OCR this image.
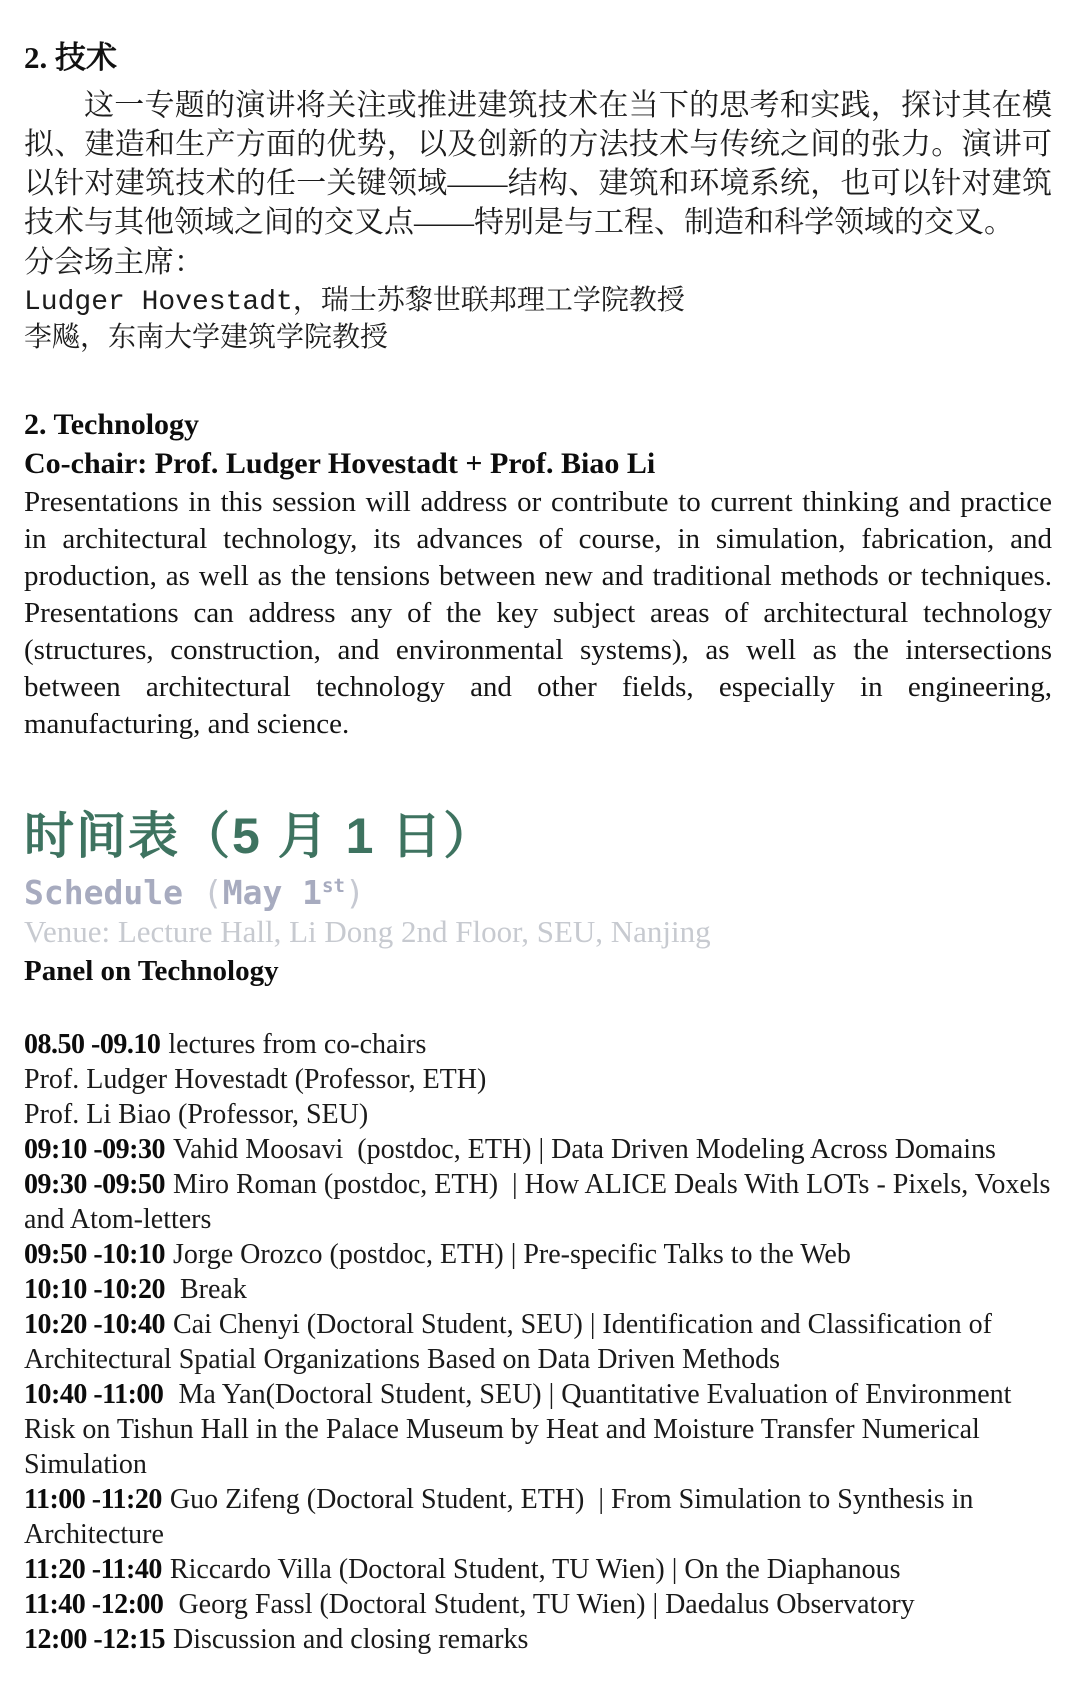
2. 技术

这一专题的演讲将关注或推进建筑技术在当下的思考和实践，探讨其在模拟、建造和生产方面的优势，以及创新的方法技术与传统之间的张力。演讲可以针对建筑技术的任一关键领域——结构、建筑和环境系统，也可以针对建筑技术与其他领域之间的交叉点——特别是与工程、制造和科学领域的交叉。

分会场主席：
Ludger Hovestadt，瑞士苏黎世联邦理工学院教授
李飚，东南大学建筑学院教授
2. Technology
Co-chair: Prof. Ludger Hovestadt + Prof. Biao Li

Presentations in this session will address or contribute to current thinking and practice in architectural technology, its advances of course, in simulation, fabrication, and production, as well as the tensions between new and traditional methods or techniques. Presentations can address any of the key subject areas of architectural technology (structures, construction, and environmental systems), as well as the intersections between architectural technology and other fields, especially in engineering, manufacturing, and science.

时间表（5 月 1 日）
Schedule (May 1st)
Venue: Lecture Hall, Li Dong 2nd Floor, SEU, Nanjing
Panel on Technology
08.50 -09.10 lectures from co-chairs
Prof. Ludger Hovestadt (Professor, ETH)
Prof. Li Biao (Professor, SEU)
09:10 -09:30 Vahid Moosavi  (postdoc, ETH) | Data Driven Modeling Across Domains
09:30 -09:50 Miro Roman (postdoc, ETH)  | How ALICE Deals With LOTs - Pixels, Voxels and Atom-letters
09:50 -10:10 Jorge Orozco (postdoc, ETH) | Pre-specific Talks to the Web
10:10 -10:20 Break
10:20 -10:40 Cai Chenyi (Doctoral Student, SEU) | Identification and Classification of Architectural Spatial Organizations Based on Data Driven Methods
10:40 -11:00 Ma Yan(Doctoral Student, SEU) | Quantitative Evaluation of Environment Risk on Tishun Hall in the Palace Museum by Heat and Moisture Transfer Numerical Simulation
11:00 -11:20 Guo Zifeng (Doctoral Student, ETH)  | From Simulation to Synthesis in Architecture
11:20 -11:40 Riccardo Villa (Doctoral Student, TU Wien) | On the Diaphanous
11:40 -12:00 Georg Fassl (Doctoral Student, TU Wien) | Daedalus Observatory
12:00 -12:15 Discussion and closing remarks
